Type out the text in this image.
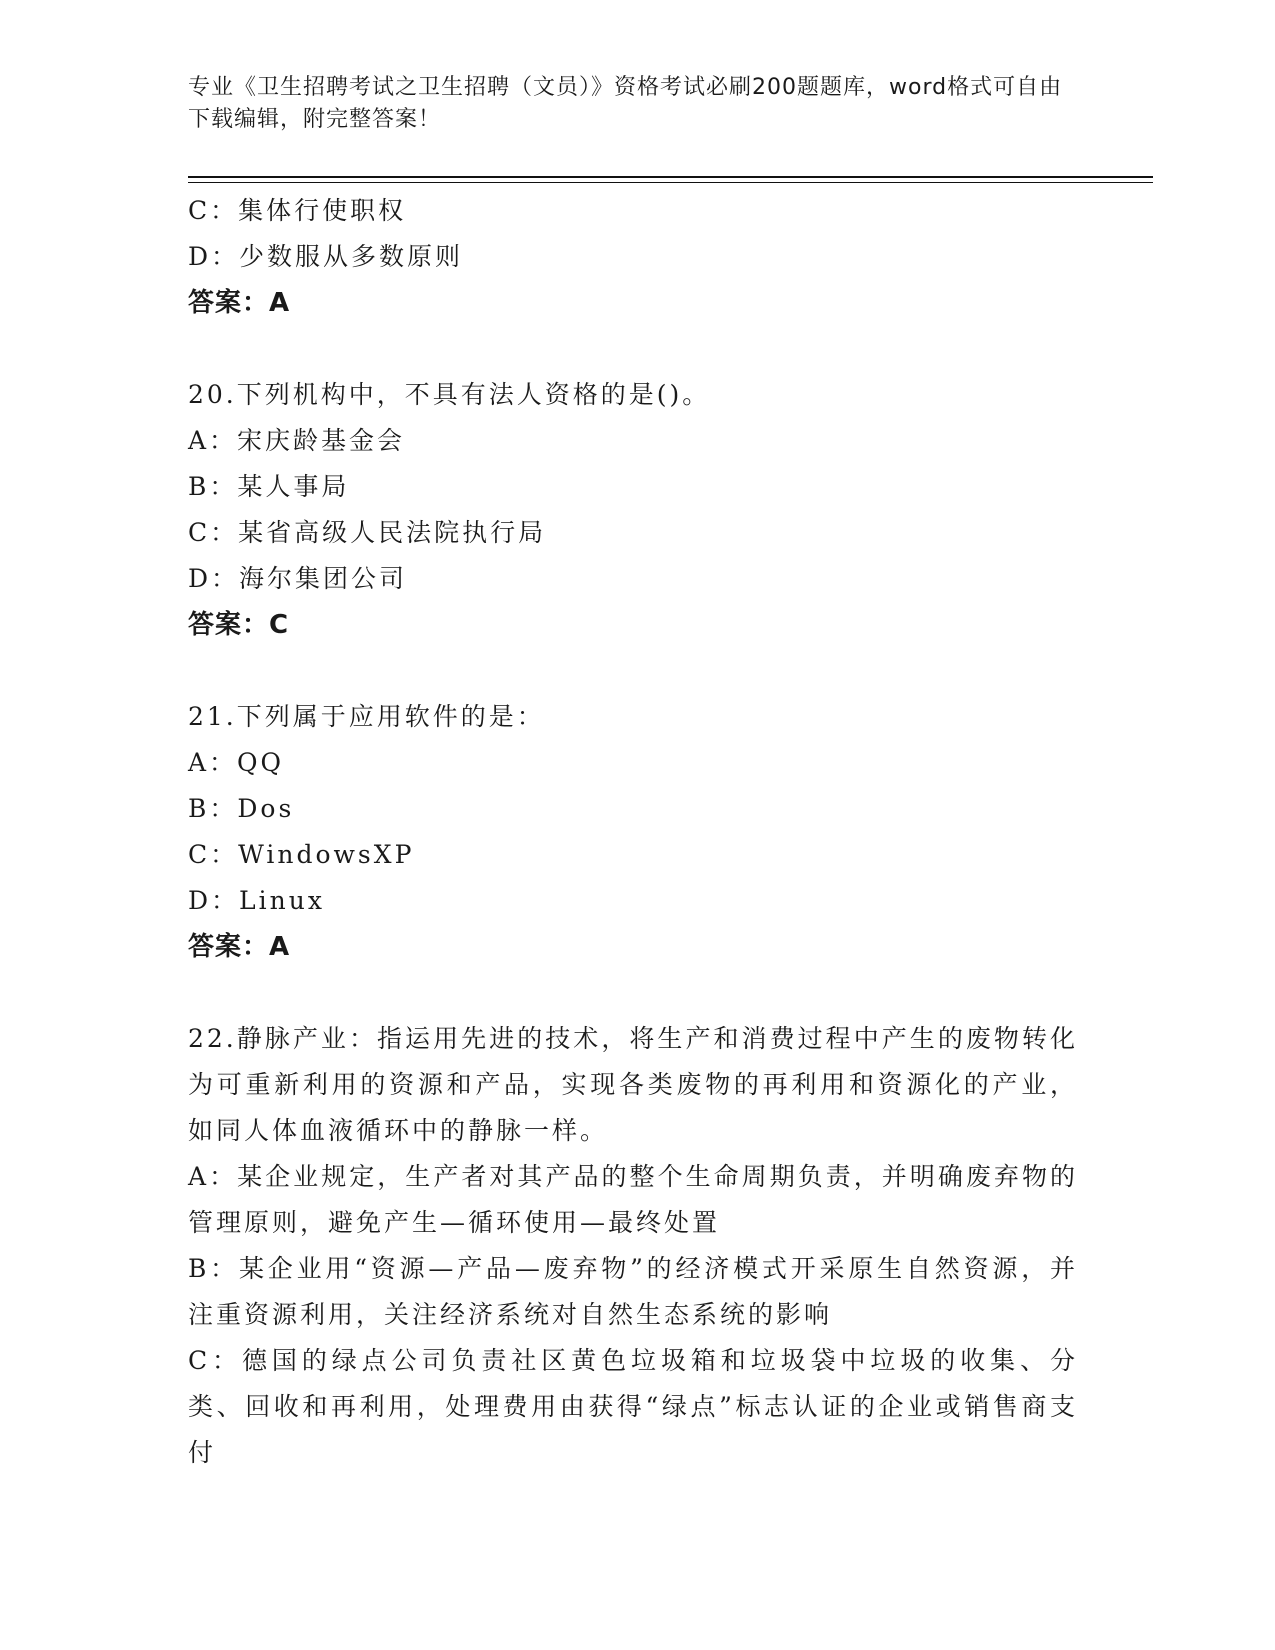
专业《卫生招聘考试之卫生招聘（文员）》资格考试必刷200题题库，word格式可自由下载编辑，附完整答案！
C：集体行使职权
D：少数服从多数原则
答案：A
20.下列机构中，不具有法人资格的是()。
A：宋庆龄基金会
B：某人事局
C：某省高级人民法院执行局
D：海尔集团公司
答案：C
21.下列属于应用软件的是：
A：QQ
B：Dos
C：WindowsXP
D：Linux
答案：A
22.静脉产业：指运用先进的技术，将生产和消费过程中产生的废物转化为可重新利用的资源和产品，实现各类废物的再利用和资源化的产业，如同人体血液循环中的静脉一样。
A：某企业规定，生产者对其产品的整个生命周期负责，并明确废弃物的管理原则，避免产生—循环使用—最终处置
B：某企业用“资源—产品—废弃物”的经济模式开采原生自然资源，并注重资源利用，关注经济系统对自然生态系统的影响
C：德国的绿点公司负责社区黄色垃圾箱和垃圾袋中垃圾的收集、分类、回收和再利用，处理费用由获得“绿点”标志认证的企业或销售商支付
